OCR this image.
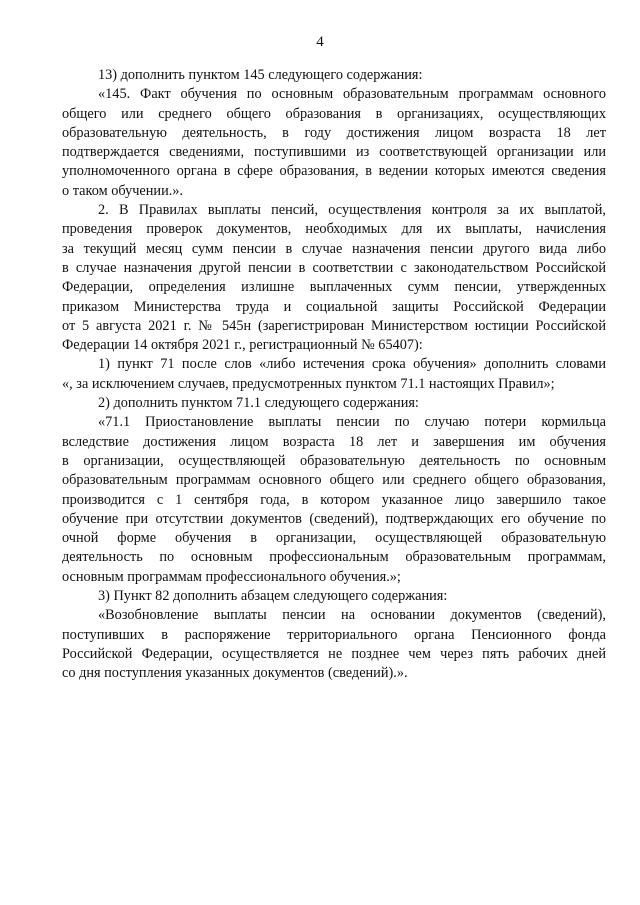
4
13) дополнить пунктом 145 следующего содержания:
«145. Факт обучения по основным образовательным программам основного
общего или среднего общего образования в организациях, осуществляющих
образовательную деятельность, в году достижения лицом возраста 18 лет
подтверждается сведениями, поступившими из соответствующей организации или
уполномоченного органа в сфере образования, в ведении которых имеются сведения
о таком обучении.».
2. В Правилах выплаты пенсий, осуществления контроля за их выплатой,
проведения проверок документов, необходимых для их выплаты, начисления
за текущий месяц сумм пенсии в случае назначения пенсии другого вида либо
в случае назначения другой пенсии в соответствии с законодательством Российской
Федерации, определения излишне выплаченных сумм пенсии, утвержденных
приказом Министерства труда и социальной защиты Российской Федерации
от 5 августа 2021 г. № 545н (зарегистрирован Министерством юстиции Российской
Федерации 14 октября 2021 г., регистрационный № 65407):
1) пункт 71 после слов «либо истечения срока обучения» дополнить словами
«, за исключением случаев, предусмотренных пунктом 71.1 настоящих Правил»;
2) дополнить пунктом 71.1 следующего содержания:
«71.1 Приостановление выплаты пенсии по случаю потери кормильца
вследствие достижения лицом возраста 18 лет и завершения им обучения
в организации, осуществляющей образовательную деятельность по основным
образовательным программам основного общего или среднего общего образования,
производится с 1 сентября года, в котором указанное лицо завершило такое
обучение при отсутствии документов (сведений), подтверждающих его обучение по
очной форме обучения в организации, осуществляющей образовательную
деятельность по основным профессиональным образовательным программам,
основным программам профессионального обучения.»;
3) Пункт 82 дополнить абзацем следующего содержания:
«Возобновление выплаты пенсии на основании документов (сведений),
поступивших в распоряжение территориального органа Пенсионного фонда
Российской Федерации, осуществляется не позднее чем через пять рабочих дней
со дня поступления указанных документов (сведений).».
